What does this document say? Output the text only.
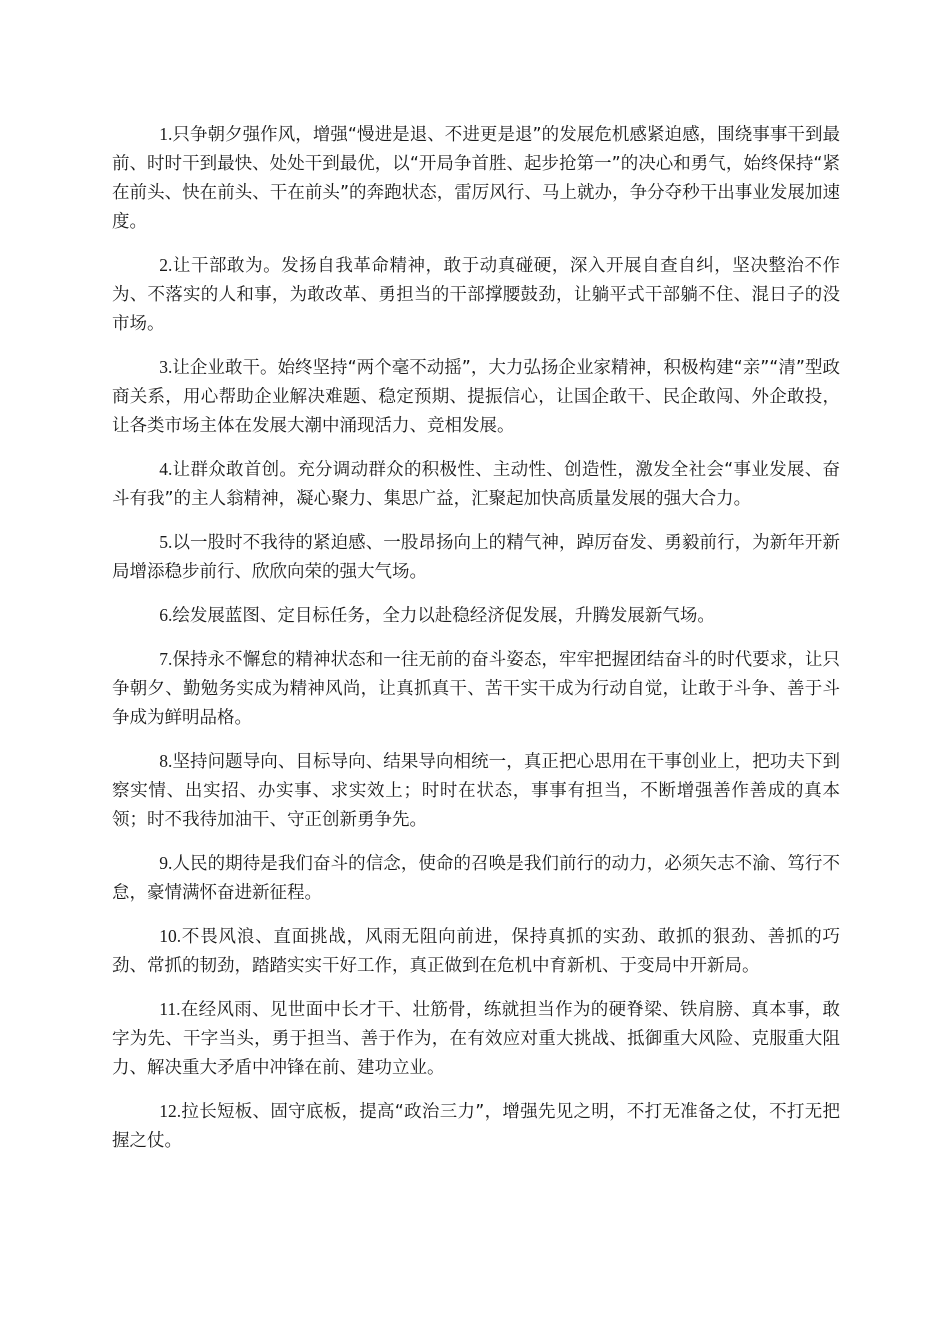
1.只争朝夕强作风，增强“慢进是退、不进更是退”的发展危机感紧迫感，围绕事事干到最前、时时干到最快、处处干到最优，以“开局争首胜、起步抢第一”的决心和勇气，始终保持“紧在前头、快在前头、干在前头”的奔跑状态，雷厉风行、马上就办，争分夺秒干出事业发展加速度。

2.让干部敢为。发扬自我革命精神，敢于动真碰硬，深入开展自查自纠，坚决整治不作为、不落实的人和事，为敢改革、勇担当的干部撑腰鼓劲，让躺平式干部躺不住、混日子的没市场。

3.让企业敢干。始终坚持“两个毫不动摇”，大力弘扬企业家精神，积极构建“亲”“清”型政商关系，用心帮助企业解决难题、稳定预期、提振信心，让国企敢干、民企敢闯、外企敢投，让各类市场主体在发展大潮中涌现活力、竞相发展。

4.让群众敢首创。充分调动群众的积极性、主动性、创造性，激发全社会“事业发展、奋斗有我”的主人翁精神，凝心聚力、集思广益，汇聚起加快高质量发展的强大合力。

5.以一股时不我待的紧迫感、一股昂扬向上的精气神，踔厉奋发、勇毅前行，为新年开新局增添稳步前行、欣欣向荣的强大气场。

6.绘发展蓝图、定目标任务，全力以赴稳经济促发展，升腾发展新气场。

7.保持永不懈怠的精神状态和一往无前的奋斗姿态，牢牢把握团结奋斗的时代要求，让只争朝夕、勤勉务实成为精神风尚，让真抓真干、苦干实干成为行动自觉，让敢于斗争、善于斗争成为鲜明品格。

8.坚持问题导向、目标导向、结果导向相统一，真正把心思用在干事创业上，把功夫下到察实情、出实招、办实事、求实效上；时时在状态，事事有担当，不断增强善作善成的真本领；时不我待加油干、守正创新勇争先。

9.人民的期待是我们奋斗的信念，使命的召唤是我们前行的动力，必须矢志不渝、笃行不怠，豪情满怀奋进新征程。

10.不畏风浪、直面挑战，风雨无阻向前进，保持真抓的实劲、敢抓的狠劲、善抓的巧劲、常抓的韧劲，踏踏实实干好工作，真正做到在危机中育新机、于变局中开新局。

11.在经风雨、见世面中长才干、壮筋骨，练就担当作为的硬脊梁、铁肩膀、真本事，敢字为先、干字当头，勇于担当、善于作为，在有效应对重大挑战、抵御重大风险、克服重大阻力、解决重大矛盾中冲锋在前、建功立业。

12.拉长短板、固守底板，提高“政治三力”，增强先见之明，不打无准备之仗，不打无把握之仗。
